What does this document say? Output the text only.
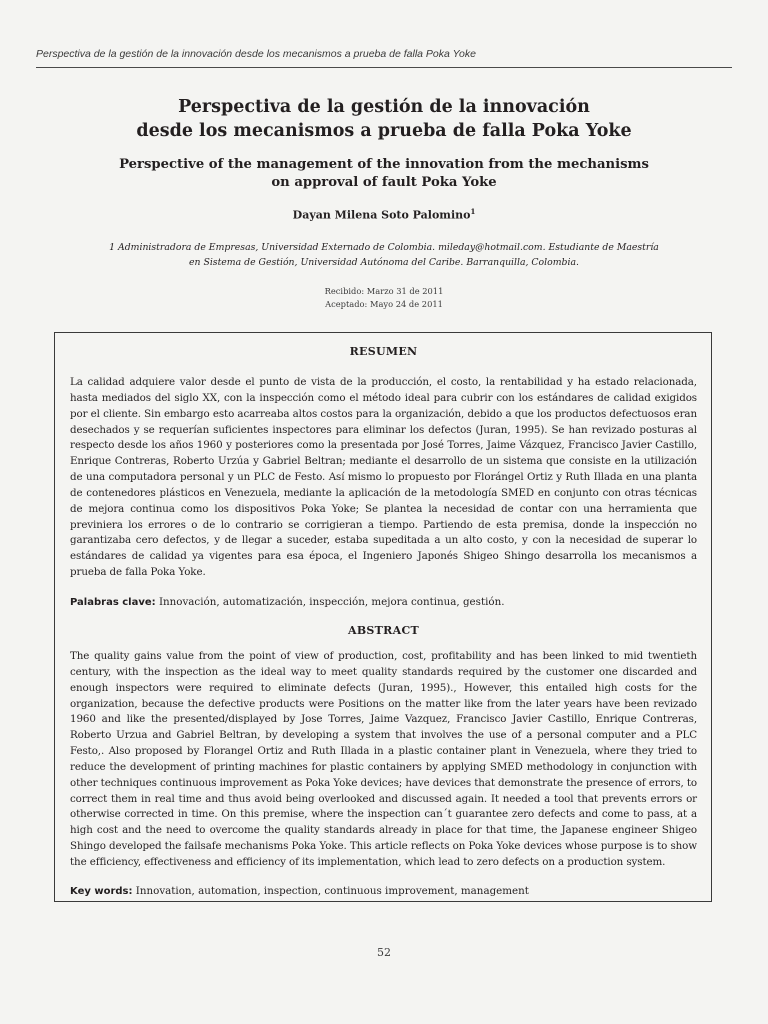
Perspectiva de la gestión de la innovación desde los mecanismos a prueba de falla Poka Yoke
Perspectiva de la gestión de la innovación
desde los mecanismos a prueba de falla Poka Yoke
Perspective of the management of the innovation from the mechanisms
on approval of fault Poka Yoke
Dayan Milena Soto Palomino$^1$
1 Administradora de Empresas, Universidad Externado de Colombia. mileday@hotmail.com. Estudiante de Maestría
en Sistema de Gestión, Universidad Autónoma del Caribe. Barranquilla, Colombia.
Recibido: Marzo 31 de 2011
Aceptado: Mayo 24 de 2011

RESUMEN

La calidad adquiere valor desde el punto de vista de la producción, el costo, la rentabilidad y ha estado relacionada, hasta mediados del siglo XX, con la inspección como el método ideal para cubrir con los estándares de calidad exigidos por el cliente. Sin embargo esto acarreaba altos costos para la organización, debido a que los productos defectuosos eran desechados y se requerían suficientes inspectores para eliminar los defectos (Juran, 1995). Se han revizado posturas al respecto desde los años 1960 y posteriores como la presentada por José Torres, Jaime Vázquez, Francisco Javier Castillo, Enrique Contreras, Roberto Urzúa y Gabriel Beltran; mediante el desarrollo de un sistema que consiste en la utilización de una computadora personal y un PLC de Festo. Así mismo lo propuesto por Florángel Ortiz y Ruth Illada en una planta de contenedores plásticos en Venezuela, mediante la aplicación de la metodología SMED en conjunto con otras técnicas de mejora continua como los dispositivos Poka Yoke; Se plantea la necesidad de contar con una herramienta que previniera los errores o de lo contrario se corrigieran a tiempo. Partiendo de esta premisa, donde la inspección no garantizaba cero defectos, y de llegar a suceder, estaba supeditada a un alto costo, y con la necesidad de superar lo estándares de calidad ya vigentes para esa época, el Ingeniero Japonés Shigeo Shingo desarrolla los mecanismos a prueba de falla Poka Yoke.

Palabras clave: Innovación, automatización, inspección, mejora continua, gestión.

ABSTRACT

The quality gains value from the point of view of production, cost, profitability and has been linked to mid twentieth century, with the inspection as the ideal way to meet quality standards required by the customer one discarded and enough inspectors were required to eliminate defects (Juran, 1995)., However, this entailed high costs for the organization, because the defective products were Positions on the matter like from the later years have been revizado 1960 and like the presented/displayed by Jose Torres, Jaime Vazquez, Francisco Javier Castillo, Enrique Contreras, Roberto Urzua and Gabriel Beltran, by developing a system that involves the use of a personal computer and a PLC Festo,. Also proposed by Florangel Ortiz and Ruth Illada in a plastic container plant in Venezuela, where they tried to reduce the development of printing machines for plastic containers by applying SMED methodology in conjunction with other techniques continuous improvement as Poka Yoke devices; have devices that demonstrate the presence of errors, to correct them in real time and thus avoid being overlooked and discussed again. It needed a tool that prevents errors or otherwise corrected in time. On this premise, where the inspection can´t guarantee zero defects and come to pass, at a high cost and the need to overcome the quality standards already in place for that time, the Japanese engineer Shigeo Shingo developed the failsafe mechanisms Poka Yoke. This article reflects on Poka Yoke devices whose purpose is to show the efficiency, effectiveness and efficiency of its implementation, which lead to zero defects on a production system.

Key words: Innovation, automation, inspection, continuous improvement, management

52
